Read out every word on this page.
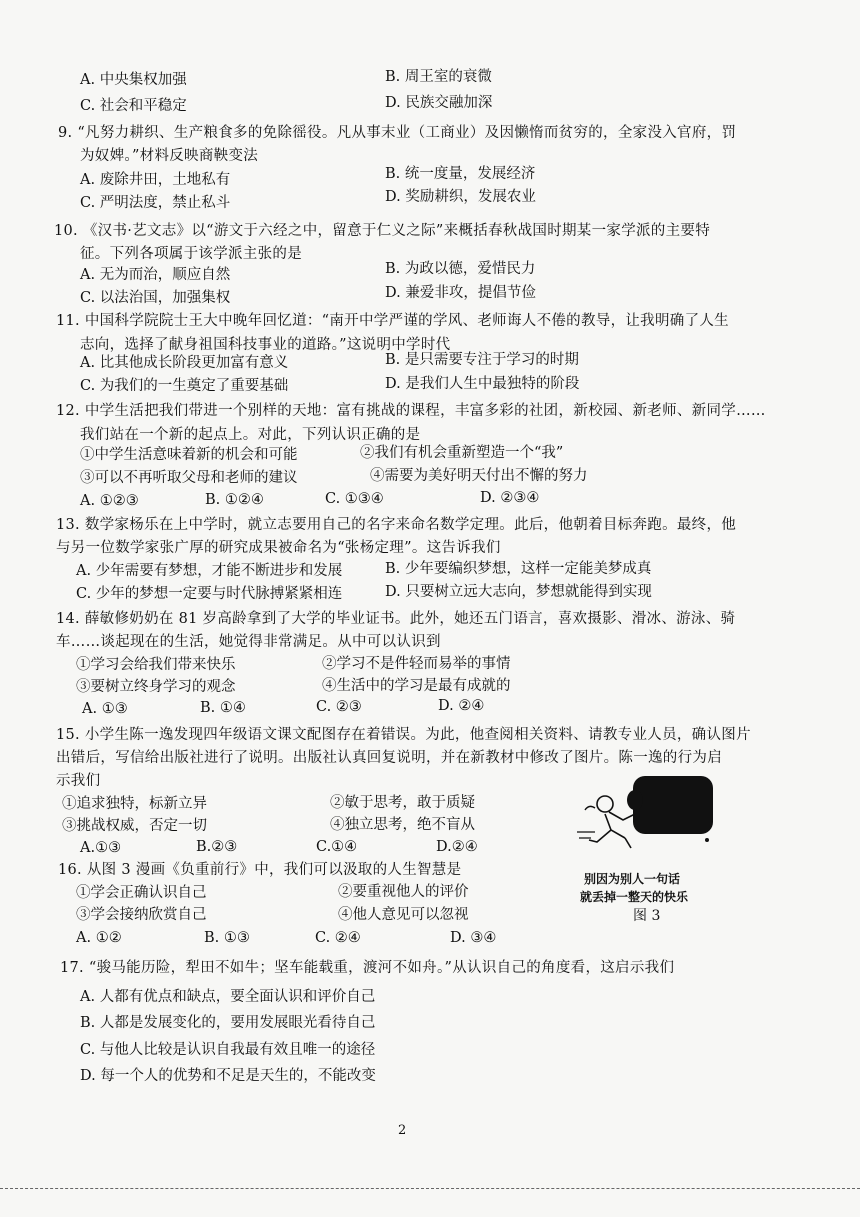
A. 中央集权加强	B. 周王室的衰微
C. 社会和平稳定	D. 民族交融加深
9. “凡努力耕织、生产粮食多的免除徭役。凡从事末业（工商业）及因懒惰而贫穷的，全家没入官府，罚
为奴婢。”材料反映商鞅变法
A. 废除井田，土地私有	B. 统一度量，发展经济
C. 严明法度，禁止私斗	D. 奖励耕织，发展农业
10. 《汉书·艺文志》以“游文于六经之中，留意于仁义之际”来概括春秋战国时期某一家学派的主要特
征。下列各项属于该学派主张的是
A. 无为而治，顺应自然	B. 为政以德，爱惜民力
C. 以法治国，加强集权	D. 兼爱非攻，提倡节俭
11. 中国科学院院士王大中晚年回忆道：“南开中学严谨的学风、老师诲人不倦的教导，让我明确了人生
志向，选择了献身祖国科技事业的道路。”这说明中学时代
A. 比其他成长阶段更加富有意义	B. 是只需要专注于学习的时期
C. 为我们的一生奠定了重要基础	D. 是我们人生中最独特的阶段
12. 中学生活把我们带进一个别样的天地：富有挑战的课程，丰富多彩的社团，新校园、新老师、新同学……
我们站在一个新的起点上。对此，下列认识正确的是
①中学生活意味着新的机会和可能	②我们有机会重新塑造一个“我”
③可以不再听取父母和老师的建议	④需要为美好明天付出不懈的努力
A. ①②③	B. ①②④	C. ①③④	D. ②③④
13. 数学家杨乐在上中学时，就立志要用自己的名字来命名数学定理。此后，他朝着目标奔跑。最终，他
与另一位数学家张广厚的研究成果被命名为“张杨定理”。这告诉我们
A. 少年需要有梦想，才能不断进步和发展	B. 少年要编织梦想，这样一定能美梦成真
C. 少年的梦想一定要与时代脉搏紧紧相连	D. 只要树立远大志向，梦想就能得到实现
14. 薛敏修奶奶在 81 岁高龄拿到了大学的毕业证书。此外，她还五门语言，喜欢摄影、滑冰、游泳、骑
车……谈起现在的生活，她觉得非常满足。从中可以认识到
①学习会给我们带来快乐	②学习不是件轻而易举的事情
③要树立终身学习的观念	④生活中的学习是最有成就的
A. ①③	B. ①④	C. ②③	D. ②④
15. 小学生陈一逸发现四年级语文课文配图存在着错误。为此，他查阅相关资料、请教专业人员，确认图片
出错后，写信给出版社进行了说明。出版社认真回复说明，并在新教材中修改了图片。陈一逸的行为启
示我们
①追求独特，标新立异	②敏于思考，敢于质疑
③挑战权威，否定一切	④独立思考，绝不盲从
A.①③	B.②③	C.①④	D.②④
别因为别人一句话
就丢掉一整天的快乐
图 3
16. 从图 3 漫画《负重前行》中，我们可以汲取的人生智慧是
①学会正确认识自己	②要重视他人的评价
③学会接纳欣赏自己	④他人意见可以忽视
A. ①②	B. ①③	C. ②④	D. ③④
17. “骏马能历险，犁田不如牛；坚车能载重，渡河不如舟。”从认识自己的角度看，这启示我们
A. 人都有优点和缺点，要全面认识和评价自己
B. 人都是发展变化的，要用发展眼光看待自己
C. 与他人比较是认识自我最有效且唯一的途径
D. 每一个人的优势和不足是天生的，不能改变
2
